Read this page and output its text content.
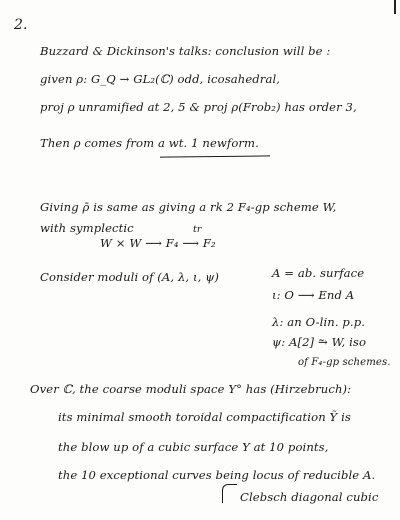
2.
Buzzard & Dickinson's talks: conclusion will be :
given ρ: G_Q → GL₂(ℂ) odd, icosahedral,
proj ρ unramified at 2, 5 & proj ρ(Frob₂) has order 3,
Then ρ comes from a wt. 1 newform.
Giving ρ̄ is same as giving a rk 2 F₄-gp scheme W,
with symplectic
W × W ⟶ F₄ ⟶ F₂
tr
Consider moduli of (A, λ, ι, ψ)	A = ab. surface
ι: O ⟶ End A
λ: an O-lin. p.p.
ψ: A[2] ⥲ W, iso
of F₄-gp schemes.
Over ℂ, the coarse moduli space Y° has (Hirzebruch):
its minimal smooth toroidal compactification Ỹ is
the blow up of a cubic surface Y at 10 points,
the 10 exceptional curves being locus of reducible A.
Clebsch diagonal cubic
